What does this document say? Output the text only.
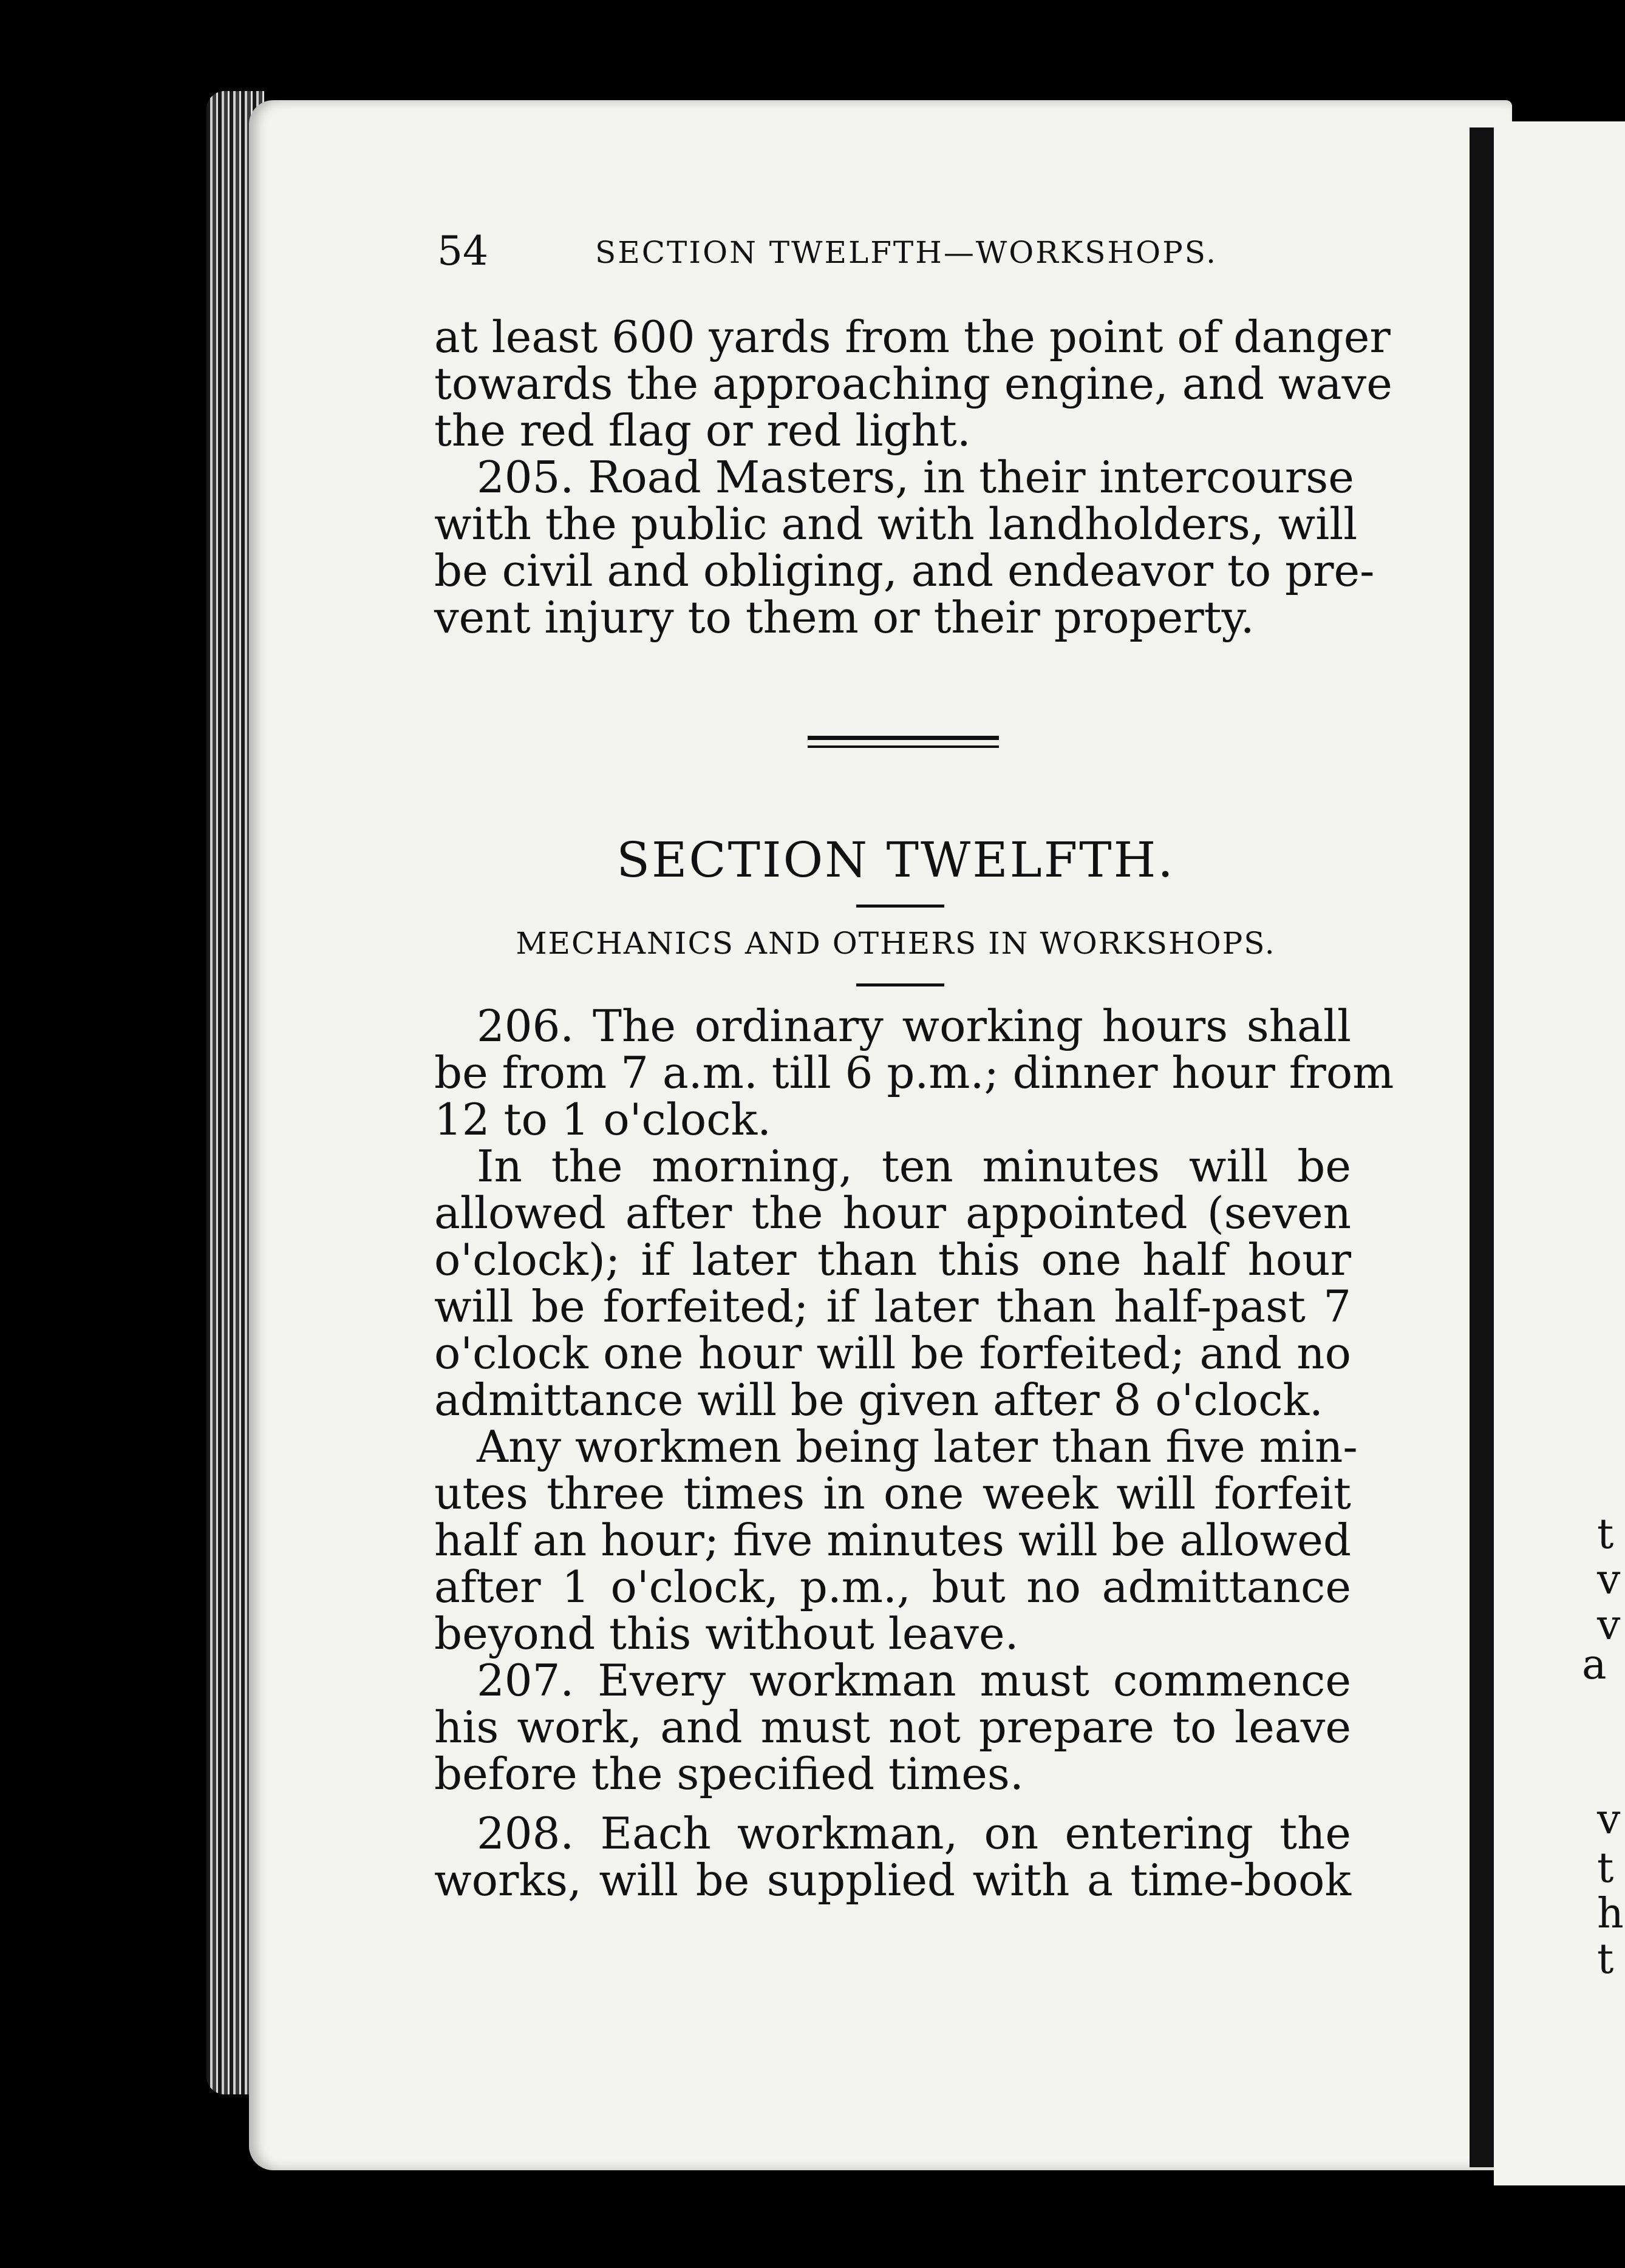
t
v
v
a
v
t
h
t
54	SECTION TWELFTH—WORKSHOPS.
at least 600 yards from the point of danger
towards the approaching engine, and wave
the red flag or red light.
205. Road Masters, in their intercourse
with the public and with landholders, will
be civil and obliging, and endeavor to pre-
vent injury to them or their property.
SECTION TWELFTH.
MECHANICS AND OTHERS IN WORKSHOPS.
206. The ordinary working hours shall
be from 7 a.m. till 6 p.m.; dinner hour from
12 to 1 o'clock.
In the morning, ten minutes will be
allowed after the hour appointed (seven
o'clock); if later than this one half hour
will be forfeited; if later than half-past 7
o'clock one hour will be forfeited; and no
admittance will be given after 8 o'clock.
Any workmen being later than five min-
utes three times in one week will forfeit
half an hour; five minutes will be allowed
after 1 o'clock, p.m., but no admittance
beyond this without leave.
207. Every workman must commence
his work, and must not prepare to leave
before the specified times.
208. Each workman, on entering the
works, will be supplied with a time-book
